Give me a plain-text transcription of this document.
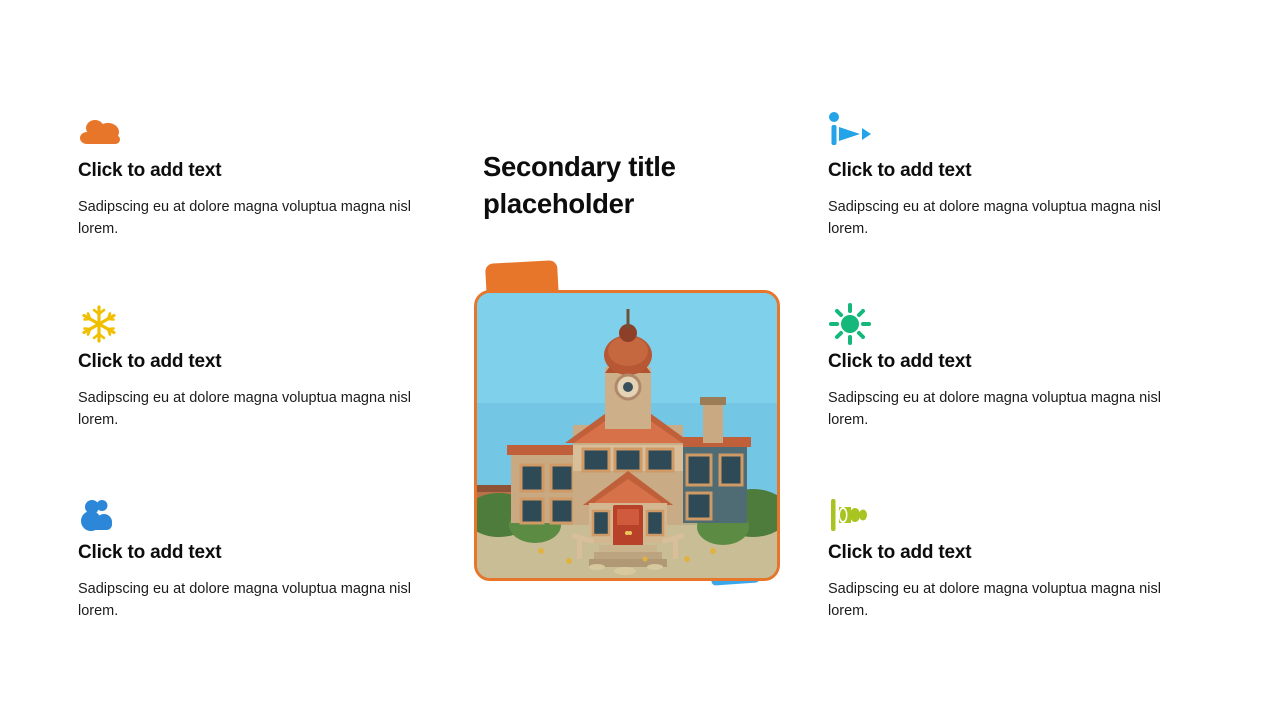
Click to add text

Sadipscing eu at dolore magna voluptua magna nisl lorem.

Click to add text

Sadipscing eu at dolore magna voluptua magna nisl lorem.

Click to add text

Sadipscing eu at dolore magna voluptua magna nisl lorem.

Secondary title placeholder

Click to add text

Sadipscing eu at dolore magna voluptua magna nisl lorem.

Click to add text

Sadipscing eu at dolore magna voluptua magna nisl lorem.

Click to add text

Sadipscing eu at dolore magna voluptua magna nisl lorem.
